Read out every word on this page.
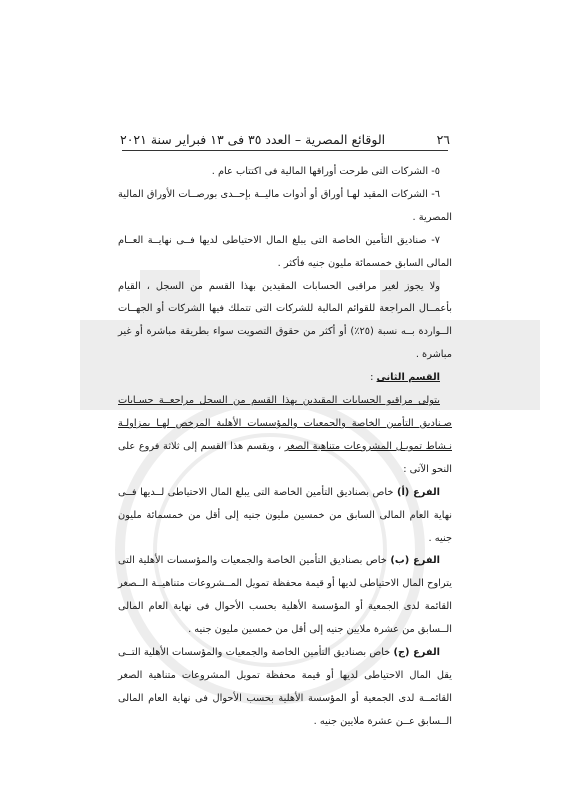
٢٦
الوقائع المصرية – العدد ٣٥ فى ١٣ فبراير سنة ٢٠٢١

٥- الشركات التى طرحت أوراقها المالية فى اكتتاب عام .

٦- الشركات المقيد لهـا أوراق أو أدوات ماليــة بإحــدى بورصــات الأوراق المالية المصرية .

٧- صناديق التأمين الخاصة التى يبلغ المال الاحتياطى لديها فــى نهايــة العــام المالى السابق خمسمائة مليون جنيه فأكثر .

ولا يجوز لغير مراقبى الحسابات المقيدين بهذا القسم من السجل ، القيام بأعمــال المراجعة للقوائم المالية للشركات التى تتملك فيها الشركات أو الجهــات الــواردة بــه نسبة (٢٥٪) أو أكثر من حقوق التصويت سواء بطريقة مباشرة أو غير مباشرة .

القسم الثانى :

يتولى مراقبو الحسابات المقيدين بهذا القسم من السجل مراجعــة حسـابات صـناديق التأمين الخاصة والجمعيات والمؤسسات الأهلية المرخص لهـا بمزاولـة نـشاط تمويـل المشروعات متناهية الصغر ، ويقسم هذا القسم إلى ثلاثة فروع على النحو الآتى :

الفرع (أ) خاص بصناديق التأمين الخاصة التى يبلغ المال الاحتياطى لــديها فــى نهاية العام المالى السابق من خمسين مليون جنيه إلى أقل من خمسمائة مليون جنيه .

الفرع (ب) خاص بصناديق التأمين الخاصة والجمعيات والمؤسسات الأهلية التى يتراوح المال الاحتياطى لديها أو قيمة محفظة تمويل المــشروعات متناهيــة الــصغر القائمة لدى الجمعية أو المؤسسة الأهلية بحسب الأحوال فى نهاية العام المالى الــسابق من عشرة ملايين جنيه إلى أقل من خمسين مليون جنيه .

الفرع (ج) خاص بصناديق التأمين الخاصة والجمعيات والمؤسسات الأهلية التــى يقل المال الاحتياطى لديها أو قيمة محفظة تمويل المشروعات متناهية الصغر القائمــة لدى الجمعية أو المؤسسة الأهلية بحسب الأحوال فى نهاية العام المالى الــسابق عــن عشرة ملايين جنيه .
